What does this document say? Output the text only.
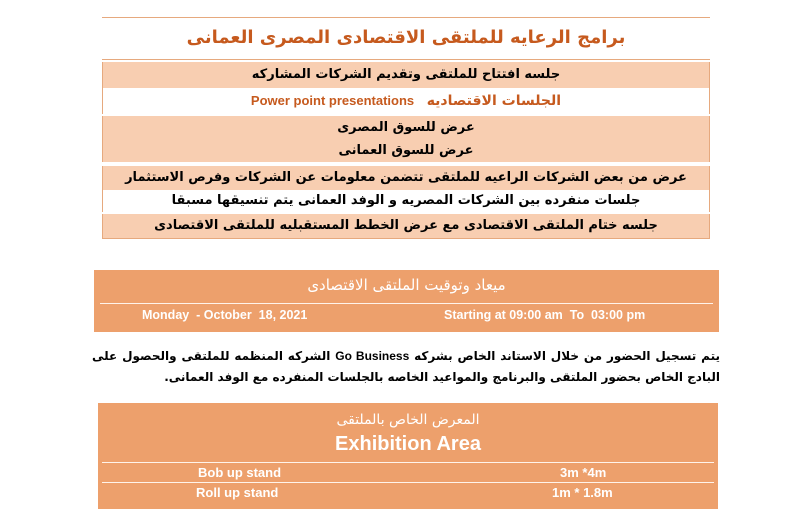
برامج الرعايه للملتقى الاقتصادى المصرى العمانى
جلسه افتتاح للملتقى وتقديم الشركات المشاركه
الجلسات الاقتصاديه Power point presentations
عرض للسوق المصرى
عرض للسوق العمانى
عرض من بعض الشركات الراعيه للملتقى تتضمن معلومات عن الشركات وفرص الاستثمار
جلسات منفرده بين الشركات المصريه و الوفد العمانى يتم تنسيقها مسبقا
جلسه ختام الملتقى الاقتصادى مع عرض الخطط المستقبليه للملتقى الاقتصادى
ميعاد وتوقيت الملتقى الاقتصادى
Monday  - October  18, 2021	Starting at 09:00 am  To  03:00 pm
يتم تسجيل الحضور من خلال الاستاند الخاص بشركه Go Business الشركه المنظمه للملتقى والحصول على البادج الخاص بحضور الملتقى والبرنامج والمواعيد الخاصه بالجلسات المنفرده مع الوفد العمانى.
المعرض الخاص بالملتقى
Exhibition Area
Bob up stand	3m *4m
Roll up stand	1m * 1.8m
